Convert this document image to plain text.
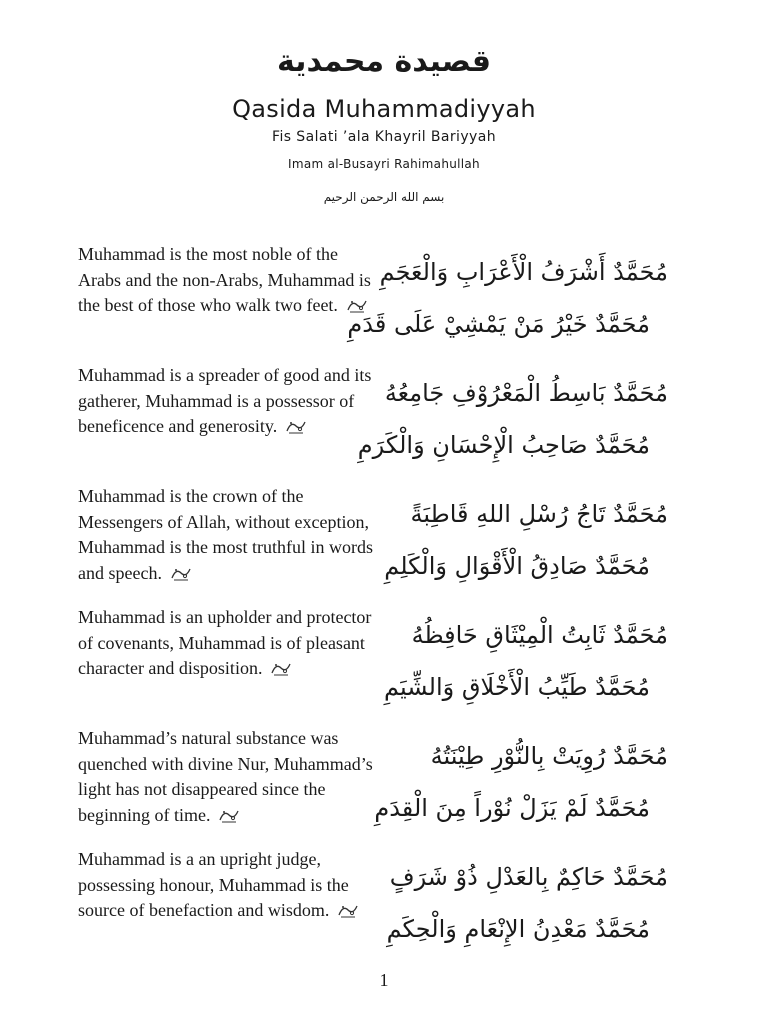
قصيدة محمدية
Qasida Muhammadiyyah
Fis Salati ’ala Khayril Bariyyah
Imam al-Busayri Rahimahullah
بسم الله الرحمن الرحيم
Muhammad is the most noble of the Arabs and the non-Arabs, Muhammad is the best of those who walk two feet.
مُحَمَّدٌ أَشْرَفُ الْأَعْرَابِ وَالْعَجَمِ
مُحَمَّدٌ خَيْرُ مَنْ يَمْشِيْ عَلَى قَدَمِ
Muhammad is a spreader of good and its gatherer, Muhammad is a possessor of beneficence and generosity.
مُحَمَّدٌ بَاسِطُ الْمَعْرُوْفِ جَامِعُهُ
مُحَمَّدٌ صَاحِبُ الْإِحْسَانِ وَالْكَرَمِ
Muhammad is the crown of the Messengers of Allah, without exception, Muhammad is the most truthful in words and speech.
مُحَمَّدٌ تَاجُ رُسْلِ اللهِ قَاطِبَةً
مُحَمَّدٌ صَادِقُ الْأَقْوَالِ وَالْكَلِمِ
Muhammad is an upholder and protector of covenants, Muhammad is of pleasant character and disposition.
مُحَمَّدٌ ثَابِتُ الْمِيْثَاقِ حَافِظُهُ
مُحَمَّدٌ طَيِّبُ الْأَخْلَاقِ وَالشِّيَمِ
Muhammad’s natural substance was quenched with divine Nur, Muhammad’s light has not disappeared since the beginning of time.
مُحَمَّدٌ رُوِيَتْ بِالنُّوْرِ طِيْنَتُهُ
مُحَمَّدٌ لَمْ يَزَلْ نُوْراً مِنَ الْقِدَمِ
Muhammad is a an upright judge, possessing honour, Muhammad is the source of benefaction and wisdom.
مُحَمَّدٌ حَاكِمٌ بِالعَدْلِ ذُوْ شَرَفٍ
مُحَمَّدٌ مَعْدِنُ الإِنْعَامِ وَالْحِكَمِ
1
